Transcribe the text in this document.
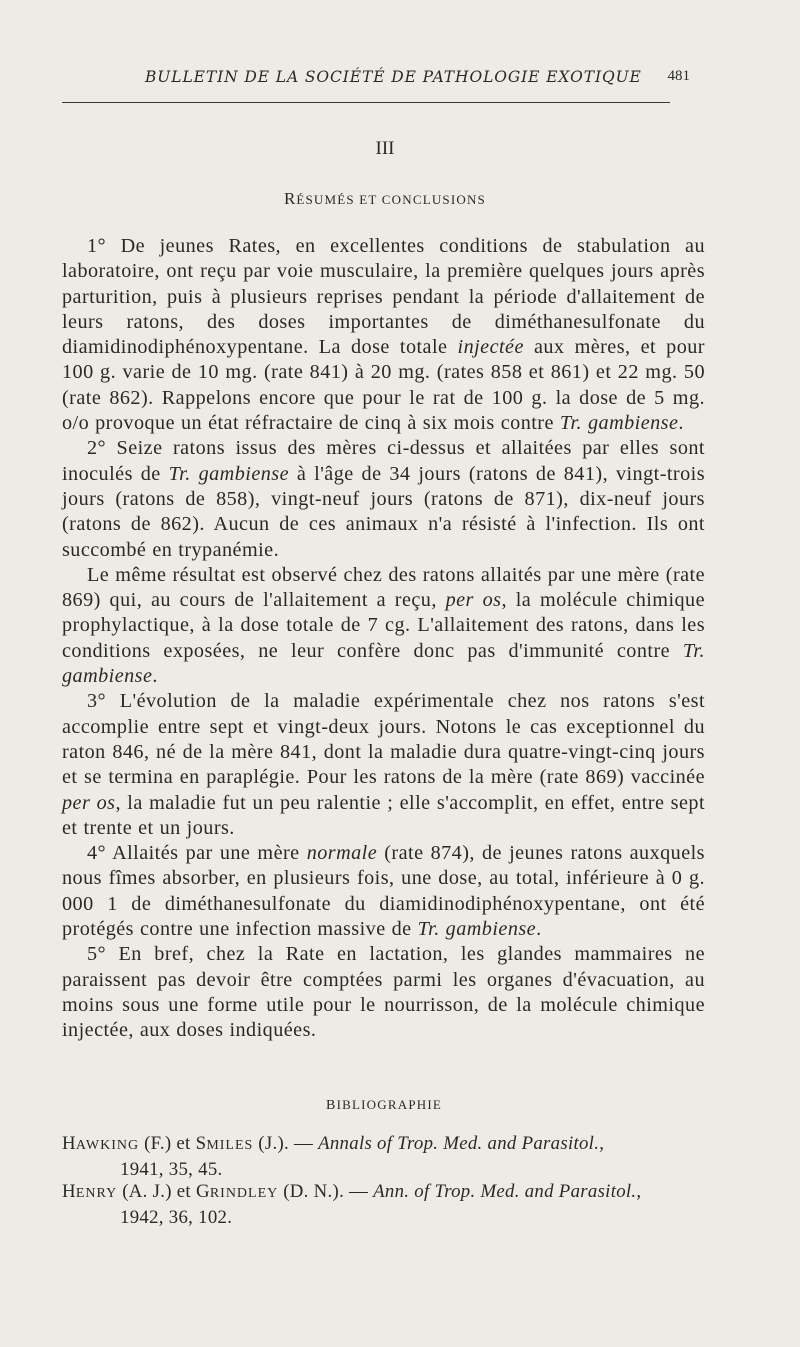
BULLETIN DE LA SOCIÉTÉ DE PATHOLOGIE EXOTIQUE 481
III
RÉSUMÉS ET CONCLUSIONS

1° De jeunes Rates, en excellentes conditions de stabulation au laboratoire, ont reçu par voie musculaire, la première quelques jours après parturition, puis à plusieurs reprises pendant la période d'allaitement de leurs ratons, des doses importantes de diméthanesulfonate du diamidinodiphénoxypentane. La dose totale injectée aux mères, et pour 100 g. varie de 10 mg. (rate 841) à 20 mg. (rates 858 et 861) et 22 mg. 50 (rate 862). Rappelons encore que pour le rat de 100 g. la dose de 5 mg. o/o provoque un état réfractaire de cinq à six mois contre Tr. gambiense.

2° Seize ratons issus des mères ci-dessus et allaitées par elles sont inoculés de Tr. gambiense à l'âge de 34 jours (ratons de 841), vingt-trois jours (ratons de 858), vingt-neuf jours (ratons de 871), dix-neuf jours (ratons de 862). Aucun de ces animaux n'a résisté à l'infection. Ils ont succombé en trypanémie.

Le même résultat est observé chez des ratons allaités par une mère (rate 869) qui, au cours de l'allaitement a reçu, per os, la molécule chimique prophylactique, à la dose totale de 7 cg. L'allaitement des ratons, dans les conditions exposées, ne leur confère donc pas d'immunité contre Tr. gambiense.

3° L'évolution de la maladie expérimentale chez nos ratons s'est accomplie entre sept et vingt-deux jours. Notons le cas exceptionnel du raton 846, né de la mère 841, dont la maladie dura quatre-vingt-cinq jours et se termina en paraplégie. Pour les ratons de la mère (rate 869) vaccinée per os, la maladie fut un peu ralentie ; elle s'accomplit, en effet, entre sept et trente et un jours.

4° Allaités par une mère normale (rate 874), de jeunes ratons auxquels nous fîmes absorber, en plusieurs fois, une dose, au total, inférieure à 0 g. 000 1 de diméthanesulfonate du diamidinodiphénoxypentane, ont été protégés contre une infection massive de Tr. gambiense.

5° En bref, chez la Rate en lactation, les glandes mammaires ne paraissent pas devoir être comptées parmi les organes d'évacuation, au moins sous une forme utile pour le nourrisson, de la molécule chimique injectée, aux doses indiquées.

BIBLIOGRAPHIE
HAWKING (F.) et SMILES (J.). — Annals of Trop. Med. and Parasitol.,
1941, 35, 45.
HENRY (A. J.) et GRINDLEY (D. N.). — Ann. of Trop. Med. and Parasitol.,
1942, 36, 102.
